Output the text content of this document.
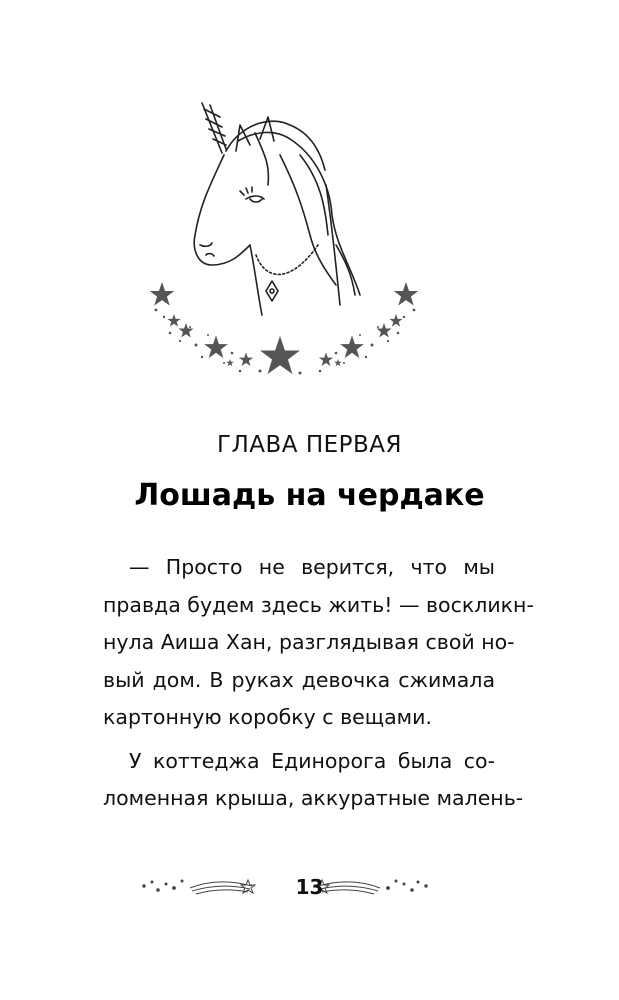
ГЛАВА ПЕРВАЯ
Лошадь на чердаке
— Просто не верится, что мы
правда будем здесь жить! — воскликн-
нула Аиша Хан, разглядывая свой но-
вый дом. В руках девочка сжимала
картонную коробку с вещами.
У коттеджа Единорога была со-
ломенная крыша, аккуратные малень-
13
